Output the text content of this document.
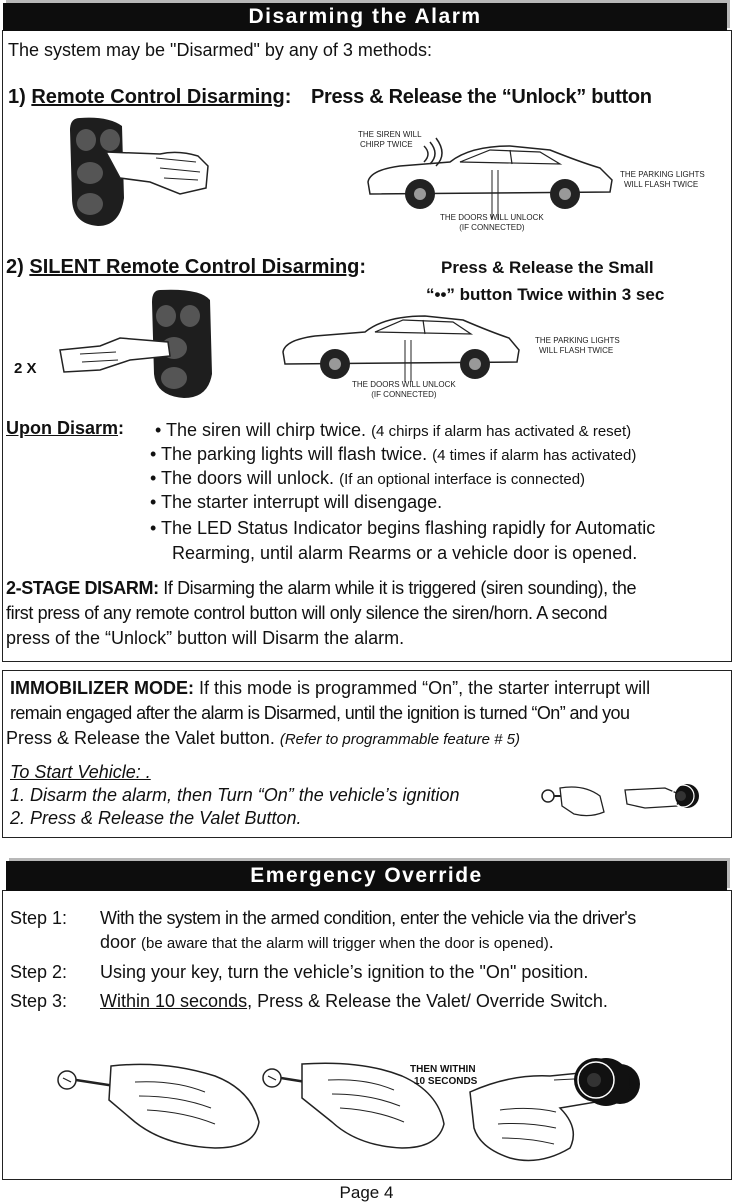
Disarming the Alarm
The system may be "Disarmed" by any of 3 methods:
1) Remote Control Disarming: Press & Release the “Unlock” button
THE SIREN WILL
CHIRP TWICE
THE PARKING LIGHTS
WILL FLASH TWICE
THE DOORS WILL UNLOCK
(IF CONNECTED)
2) SILENT Remote Control Disarming:	Press & Release the Small
“••” button Twice within 3 sec
2 X
THE PARKING LIGHTS
WILL FLASH TWICE
THE DOORS WILL UNLOCK
(IF CONNECTED)
Upon Disarm: • The siren will chirp twice. (4 chirps if alarm has activated & reset)
• The parking lights will flash twice. (4 times if alarm has activated)
• The doors will unlock. (If an optional interface is connected)
• The starter interrupt will disengage.
• The LED Status Indicator begins flashing rapidly for Automatic
Rearming, until alarm Rearms or a vehicle door is opened.
2-STAGE DISARM: If Disarming the alarm while it is triggered (siren sounding), the
first press of any remote control button will only silence the siren/horn. A second
press of the “Unlock” button will Disarm the alarm.
IMMOBILIZER MODE: If this mode is programmed “On”, the starter interrupt will
remain engaged after the alarm is Disarmed, until the ignition is turned “On” and you
Press & Release the Valet button. (Refer to programmable feature # 5)
To Start Vehicle: .
1. Disarm the alarm, then Turn “On” the vehicle’s ignition
2. Press & Release the Valet Button.
Emergency Override
Step 1: With the system in the armed condition, enter the vehicle via the driver's
door (be aware that the alarm will trigger when the door is opened).
Step 2: Using your key, turn the vehicle’s ignition to the "On" position.
Step 3: Within 10 seconds, Press & Release the Valet/ Override Switch.
THEN WITHIN
10 SECONDS
Page 4
